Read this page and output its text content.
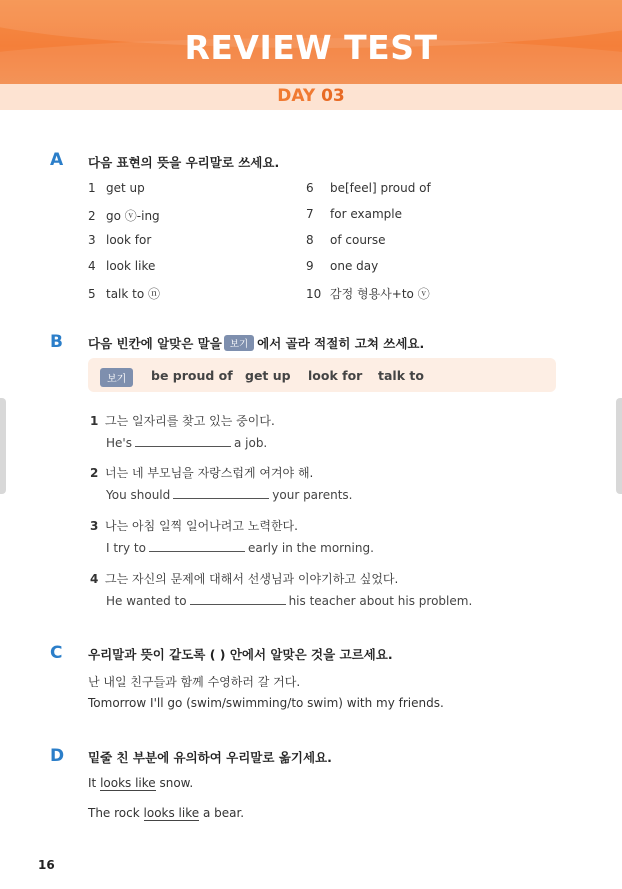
REVIEW TEST
DAY 03
A 다음 표현의 뜻을 우리말로 쓰세요.
1 get up
2 go ⓥ-ing
3 look for
4 look like
5 talk to ⓝ
6 be[feel] proud of
7 for example
8 of course
9 one day
10 감정 형용사+to ⓥ
B 다음 빈칸에 알맞은 말을 보기 에서 골라 적절히 고쳐 쓰세요.
보기	be proud of get up look for talk to
1 그는 일자리를 찾고 있는 중이다.
He's	a job.
2 너는 네 부모님을 자랑스럽게 여겨야 해.
You should	your parents.
3 나는 아침 일찍 일어나려고 노력한다.
I try to	early in the morning.
4 그는 자신의 문제에 대해서 선생님과 이야기하고 싶었다.
He wanted to	his teacher about his problem.
C 우리말과 뜻이 같도록 ( ) 안에서 알맞은 것을 고르세요.
난 내일 친구들과 함께 수영하러 갈 거다.
Tomorrow I'll go (swim/swimming/to swim) with my friends.
D 밑줄 친 부분에 유의하여 우리말로 옮기세요.
It looks like snow.
The rock looks like a bear.
16
